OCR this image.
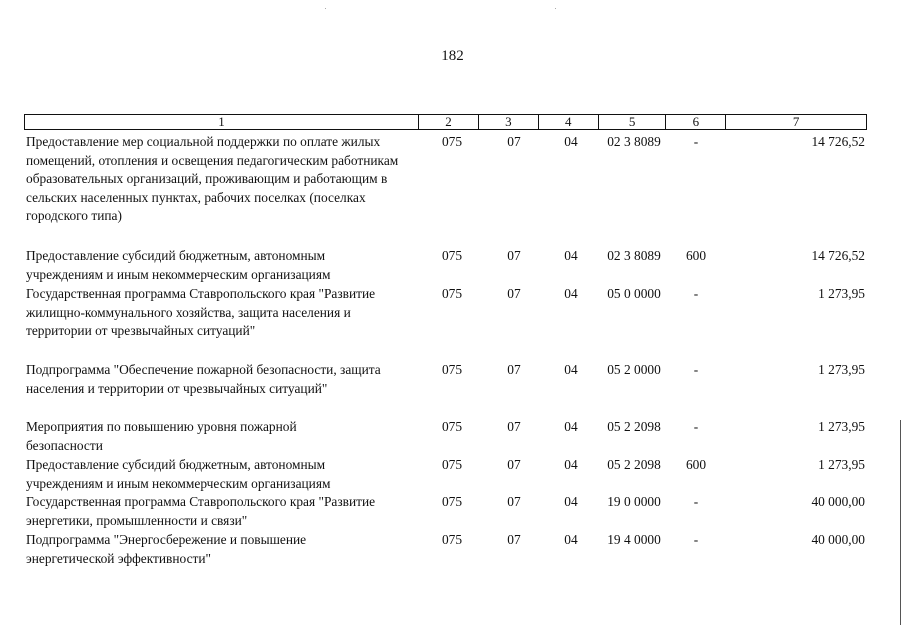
182
1	2	3	4	5	6	7
Предоставление мер социальной поддержки по оплате жилых помещений, отопления и освещения педагогическим работникам образовательных организаций, проживающим и работающим в сельских населенных пунктах, рабочих поселках (поселках городского типа)
075	07	04	02 3 8089	-	14 726,52
Предоставление субсидий бюджетным, автономным учреждениям и иным некоммерческим организациям
075	07	04	02 3 8089	600	14 726,52
Государственная программа Ставропольского края "Развитие жилищно-коммунального хозяйства, защита населения и территории от чрезвычайных ситуаций"
075	07	04	05 0 0000	-	1 273,95
Подпрограмма "Обеспечение пожарной безопасности, защита населения и территории от чрезвычайных ситуаций"
075	07	04	05 2 0000	-	1 273,95
Мероприятия по повышению уровня пожарной безопасности
075	07	04	05 2 2098	-	1 273,95
Предоставление субсидий бюджетным, автономным учреждениям и иным некоммерческим организациям
075	07	04	05 2 2098	600	1 273,95
Государственная программа Ставропольского края "Развитие энергетики, промышленности и связи"
075	07	04	19 0 0000	-	40 000,00
Подпрограмма "Энергосбережение и повышение энергетической эффективности"
075	07	04	19 4 0000	-	40 000,00
